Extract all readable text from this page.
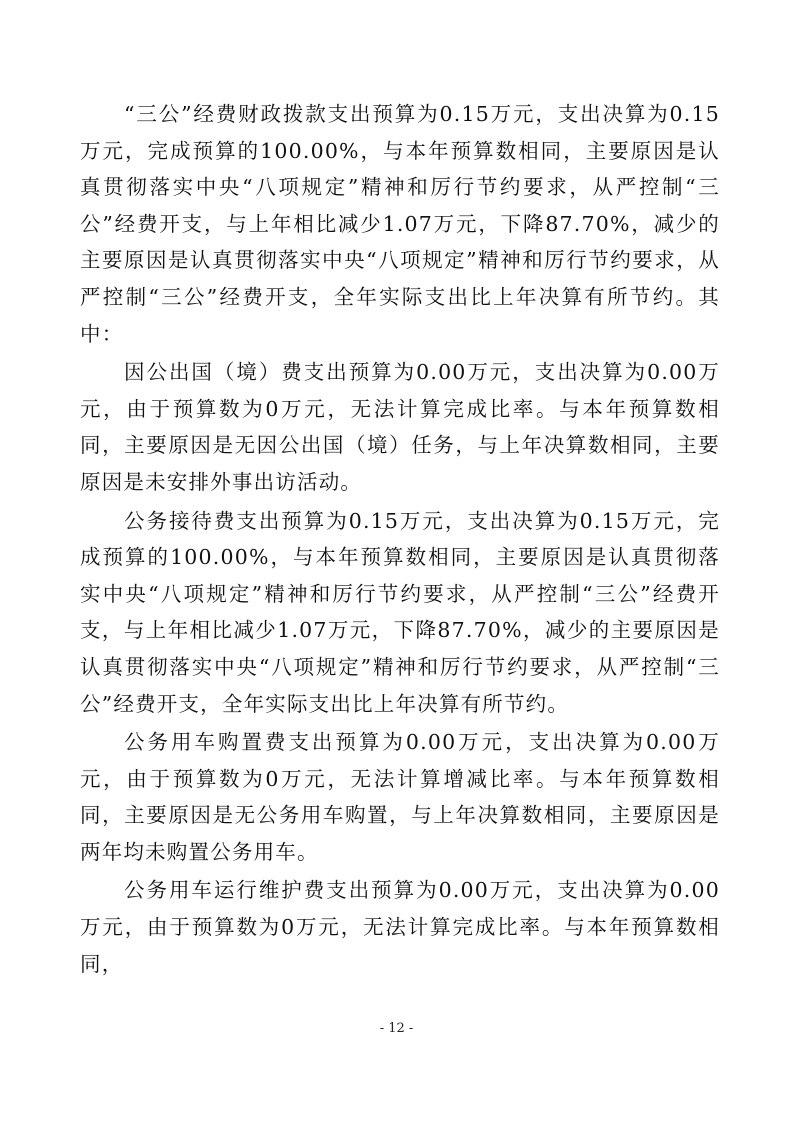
“三公”经费财政拨款支出预算为0.15万元，支出决算为0.15万元，完成预算的100.00%，与本年预算数相同，主要原因是认真贯彻落实中央“八项规定”精神和厉行节约要求，从严控制“三公”经费开支，与上年相比减少1.07万元，下降87.70%，减少的主要原因是认真贯彻落实中央“八项规定”精神和厉行节约要求，从严控制“三公”经费开支，全年实际支出比上年决算有所节约。其中：

因公出国（境）费支出预算为0.00万元，支出决算为0.00万元，由于预算数为0万元，无法计算完成比率。与本年预算数相同，主要原因是无因公出国（境）任务，与上年决算数相同，主要原因是未安排外事出访活动。

公务接待费支出预算为0.15万元，支出决算为0.15万元，完成预算的100.00%，与本年预算数相同，主要原因是认真贯彻落实中央“八项规定”精神和厉行节约要求，从严控制“三公”经费开支，与上年相比减少1.07万元，下降87.70%，减少的主要原因是认真贯彻落实中央“八项规定”精神和厉行节约要求，从严控制“三公”经费开支，全年实际支出比上年决算有所节约。

公务用车购置费支出预算为0.00万元，支出决算为0.00万元，由于预算数为0万元，无法计算增减比率。与本年预算数相同，主要原因是无公务用车购置，与上年决算数相同，主要原因是两年均未购置公务用车。

公务用车运行维护费支出预算为0.00万元，支出决算为0.00万元，由于预算数为0万元，无法计算完成比率。与本年预算数相同，

- 12 -
